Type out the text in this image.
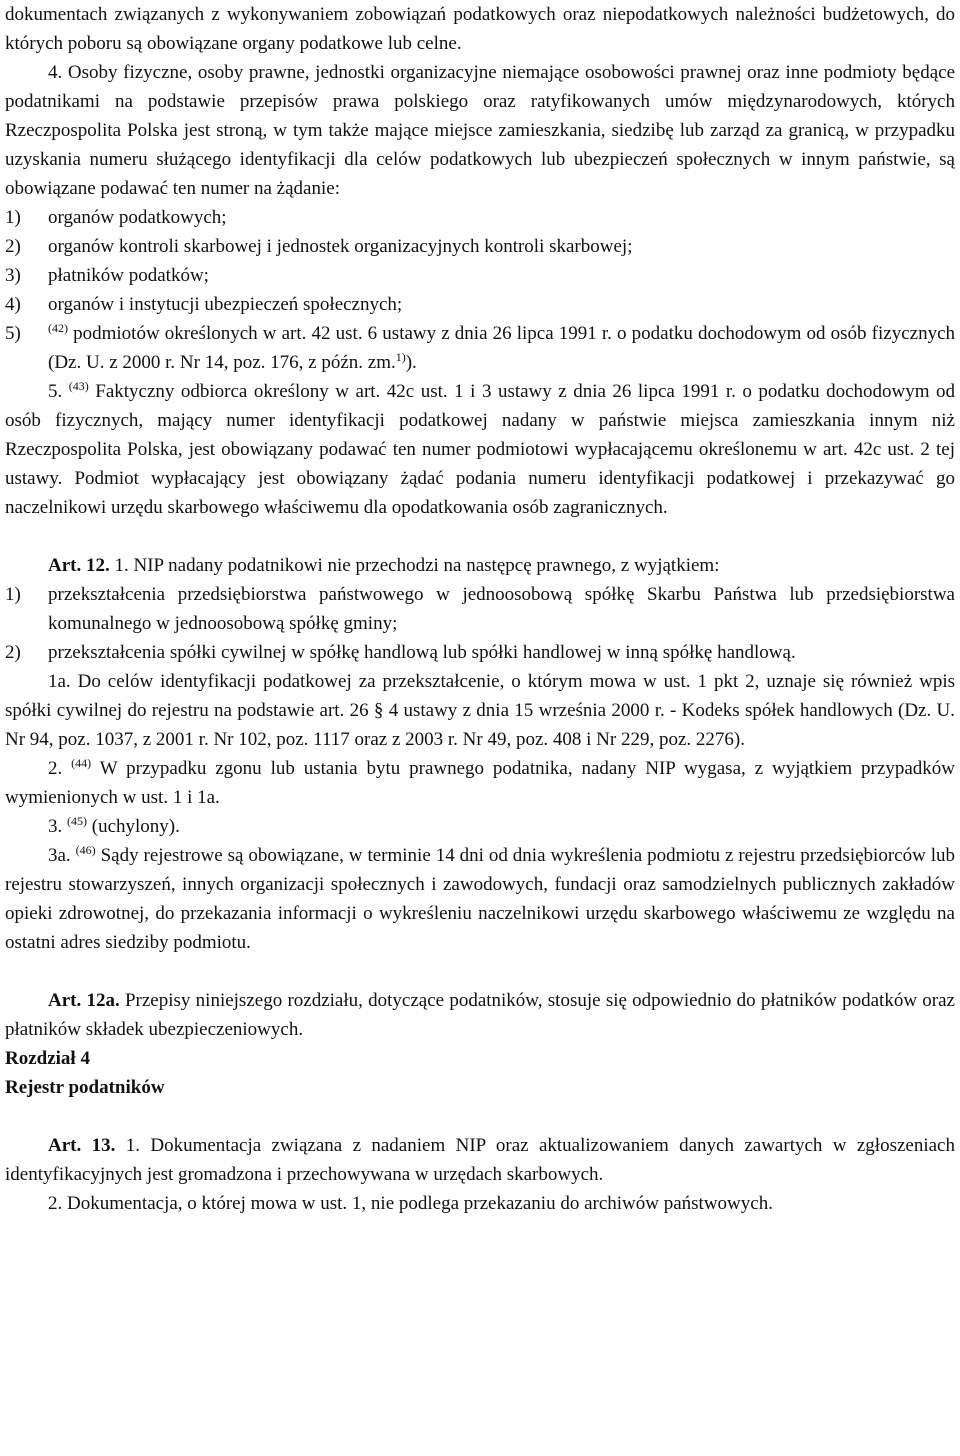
dokumentach związanych z wykonywaniem zobowiązań podatkowych oraz niepodatkowych należności budżetowych, do których poboru są obowiązane organy podatkowe lub celne.

4. Osoby fizyczne, osoby prawne, jednostki organizacyjne niemające osobowości prawnej oraz inne podmioty będące podatnikami na podstawie przepisów prawa polskiego oraz ratyfikowanych umów międzynarodowych, których Rzeczpospolita Polska jest stroną, w tym także mające miejsce zamieszkania, siedzibę lub zarząd za granicą, w przypadku uzyskania numeru służącego identyfikacji dla celów podatkowych lub ubezpieczeń społecznych w innym państwie, są obowiązane podawać ten numer na żądanie:

1) organów podatkowych;
2) organów kontroli skarbowej i jednostek organizacyjnych kontroli skarbowej;
3) płatników podatków;
4) organów i instytucji ubezpieczeń społecznych;
5) $^{(42)}$ podmiotów określonych w art. 42 ust. 6 ustawy z dnia 26 lipca 1991 r. o podatku dochodowym od osób fizycznych (Dz. U. z 2000 r. Nr 14, poz. 176, z późn. zm.$^{1)}$).

5. $^{(43)}$ Faktyczny odbiorca określony w art. 42c ust. 1 i 3 ustawy z dnia 26 lipca 1991 r. o podatku dochodowym od osób fizycznych, mający numer identyfikacji podatkowej nadany w państwie miejsca zamieszkania innym niż Rzeczpospolita Polska, jest obowiązany podawać ten numer podmiotowi wypłacającemu określonemu w art. 42c ust. 2 tej ustawy. Podmiot wypłacający jest obowiązany żądać podania numeru identyfikacji podatkowej i przekazywać go naczelnikowi urzędu skarbowego właściwemu dla opodatkowania osób zagranicznych.

Art. 12. 1. NIP nadany podatnikowi nie przechodzi na następcę prawnego, z wyjątkiem:

1) przekształcenia przedsiębiorstwa państwowego w jednoosobową spółkę Skarbu Państwa lub przedsiębiorstwa komunalnego w jednoosobową spółkę gminy;
2) przekształcenia spółki cywilnej w spółkę handlową lub spółki handlowej w inną spółkę handlową.

1a. Do celów identyfikacji podatkowej za przekształcenie, o którym mowa w ust. 1 pkt 2, uznaje się również wpis spółki cywilnej do rejestru na podstawie art. 26 § 4 ustawy z dnia 15 września 2000 r. - Kodeks spółek handlowych (Dz. U. Nr 94, poz. 1037, z 2001 r. Nr 102, poz. 1117 oraz z 2003 r. Nr 49, poz. 408 i Nr 229, poz. 2276).

2. $^{(44)}$ W przypadku zgonu lub ustania bytu prawnego podatnika, nadany NIP wygasa, z wyjątkiem przypadków wymienionych w ust. 1 i 1a.

3. $^{(45)}$ (uchylony).

3a. $^{(46)}$ Sądy rejestrowe są obowiązane, w terminie 14 dni od dnia wykreślenia podmiotu z rejestru przedsiębiorców lub rejestru stowarzyszeń, innych organizacji społecznych i zawodowych, fundacji oraz samodzielnych publicznych zakładów opieki zdrowotnej, do przekazania informacji o wykreśleniu naczelnikowi urzędu skarbowego właściwemu ze względu na ostatni adres siedziby podmiotu.

Art. 12a. Przepisy niniejszego rozdziału, dotyczące podatników, stosuje się odpowiednio do płatników podatków oraz płatników składek ubezpieczeniowych.

Rozdział 4

Rejestr podatników

Art. 13. 1. Dokumentacja związana z nadaniem NIP oraz aktualizowaniem danych zawartych w zgłoszeniach identyfikacyjnych jest gromadzona i przechowywana w urzędach skarbowych.

2. Dokumentacja, o której mowa w ust. 1, nie podlega przekazaniu do archiwów państwowych.
